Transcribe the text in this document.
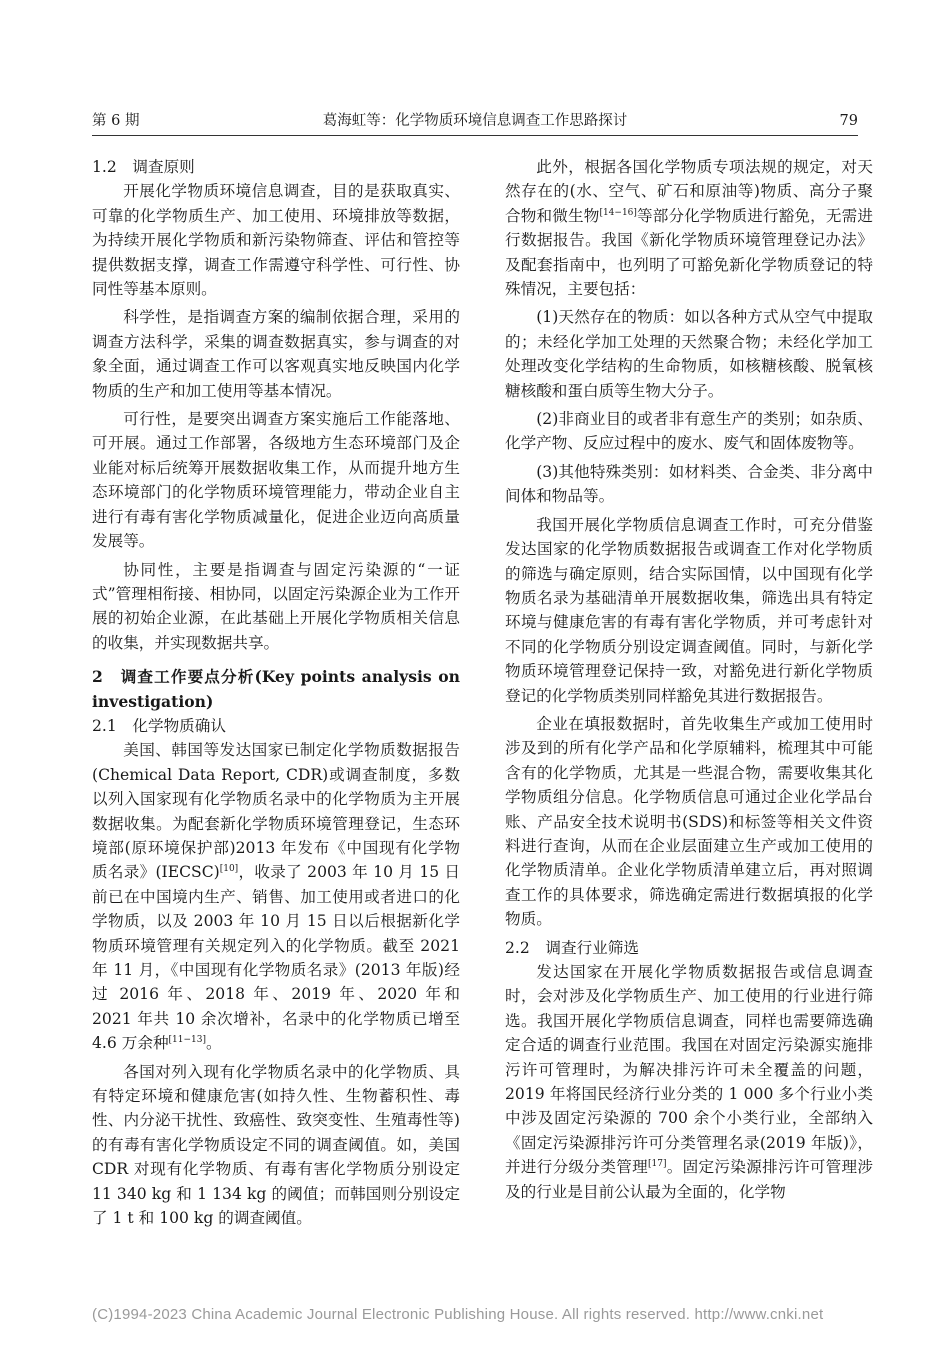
第 6 期	葛海虹等：化学物质环境信息调查工作思路探讨	79
1.2　调查原则

开展化学物质环境信息调查，目的是获取真实、可靠的化学物质生产、加工使用、环境排放等数据，为持续开展化学物质和新污染物筛查、评估和管控等提供数据支撑，调查工作需遵守科学性、可行性、协同性等基本原则。

科学性，是指调查方案的编制依据合理，采用的调查方法科学，采集的调查数据真实，参与调查的对象全面，通过调查工作可以客观真实地反映国内化学物质的生产和加工使用等基本情况。

可行性，是要突出调查方案实施后工作能落地、可开展。通过工作部署，各级地方生态环境部门及企业能对标后统筹开展数据收集工作，从而提升地方生态环境部门的化学物质环境管理能力，带动企业自主进行有毒有害化学物质减量化，促进企业迈向高质量发展等。

协同性，主要是指调查与固定污染源的“一证式”管理相衔接、相协同，以固定污染源企业为工作开展的初始企业源，在此基础上开展化学物质相关信息的收集，并实现数据共享。

2　调查工作要点分析(Key points analysis on investigation)
2.1　化学物质确认

美国、韩国等发达国家已制定化学物质数据报告(Chemical Data Report, CDR)或调查制度，多数以列入国家现有化学物质名录中的化学物质为主开展数据收集。为配套新化学物质环境管理登记，生态环境部(原环境保护部)2013 年发布《中国现有化学物质名录》(IECSC)[10]，收录了 2003 年 10 月 15 日前已在中国境内生产、销售、加工使用或者进口的化学物质，以及 2003 年 10 月 15 日以后根据新化学物质环境管理有关规定列入的化学物质。截至 2021 年 11 月，《中国现有化学物质名录》(2013 年版)经过 2016 年、2018 年、2019 年、2020 年和 2021 年共 10 余次增补，名录中的化学物质已增至 4.6 万余种[11−13]。

各国对列入现有化学物质名录中的化学物质、具有特定环境和健康危害(如持久性、生物蓄积性、毒性、内分泌干扰性、致癌性、致突变性、生殖毒性等)的有毒有害化学物质设定不同的调查阈值。如，美国 CDR 对现有化学物质、有毒有害化学物质分别设定 11 340 kg 和 1 134 kg 的阈值；而韩国则分别设定了 1 t 和 100 kg 的调查阈值。

此外，根据各国化学物质专项法规的规定，对天然存在的(水、空气、矿石和原油等)物质、高分子聚合物和微生物[14−16]等部分化学物质进行豁免，无需进行数据报告。我国《新化学物质环境管理登记办法》及配套指南中，也列明了可豁免新化学物质登记的特殊情况，主要包括：

(1)天然存在的物质：如以各种方式从空气中提取的；未经化学加工处理的天然聚合物；未经化学加工处理改变化学结构的生命物质，如核糖核酸、脱氧核糖核酸和蛋白质等生物大分子。

(2)非商业目的或者非有意生产的类别；如杂质、化学产物、反应过程中的废水、废气和固体废物等。

(3)其他特殊类别：如材料类、合金类、非分离中间体和物品等。

我国开展化学物质信息调查工作时，可充分借鉴发达国家的化学物质数据报告或调查工作对化学物质的筛选与确定原则，结合实际国情，以中国现有化学物质名录为基础清单开展数据收集，筛选出具有特定环境与健康危害的有毒有害化学物质，并可考虑针对不同的化学物质分别设定调查阈值。同时，与新化学物质环境管理登记保持一致，对豁免进行新化学物质登记的化学物质类别同样豁免其进行数据报告。

企业在填报数据时，首先收集生产或加工使用时涉及到的所有化学产品和化学原辅料，梳理其中可能含有的化学物质，尤其是一些混合物，需要收集其化学物质组分信息。化学物质信息可通过企业化学品台账、产品安全技术说明书(SDS)和标签等相关文件资料进行查询，从而在企业层面建立生产或加工使用的化学物质清单。企业化学物质清单建立后，再对照调查工作的具体要求，筛选确定需进行数据填报的化学物质。

2.2　调查行业筛选

发达国家在开展化学物质数据报告或信息调查时，会对涉及化学物质生产、加工使用的行业进行筛选。我国开展化学物质信息调查，同样也需要筛选确定合适的调查行业范围。我国在对固定污染源实施排污许可管理时，为解决排污许可未全覆盖的问题，2019 年将国民经济行业分类的 1 000 多个行业小类中涉及固定污染源的 700 余个小类行业，全部纳入《固定污染源排污许可分类管理名录(2019 年版)》，并进行分级分类管理[17]。固定污染源排污许可管理涉及的行业是目前公认最为全面的，化学物

(C)1994-2023 China Academic Journal Electronic Publishing House. All rights reserved. http://www.cnki.net
